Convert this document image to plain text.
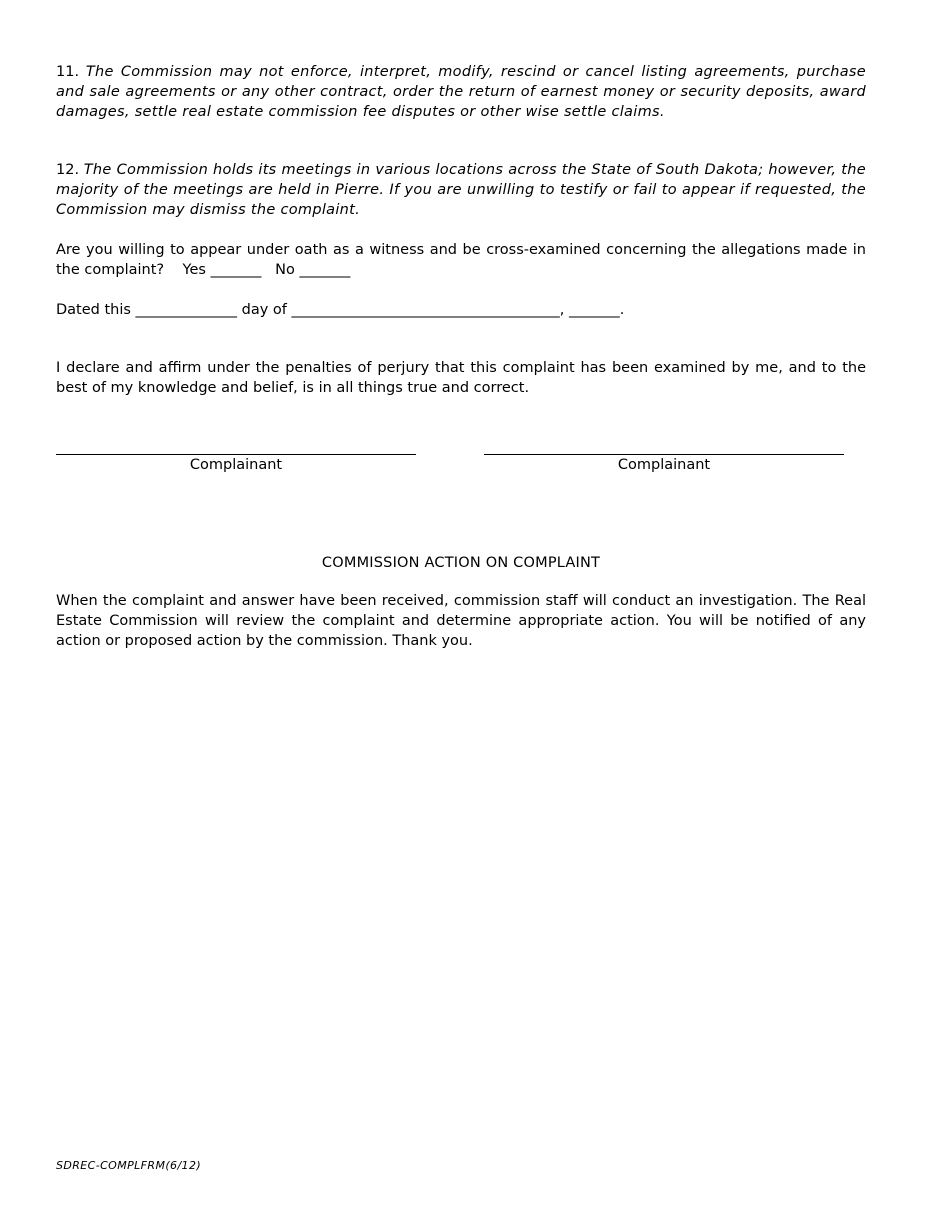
11. The Commission may not enforce, interpret, modify, rescind or cancel listing agreements, purchase and sale agreements or any other contract, order the return of earnest money or security deposits, award damages, settle real estate commission fee disputes or other wise settle claims.

12. The Commission holds its meetings in various locations across the State of South Dakota; however, the majority of the meetings are held in Pierre. If you are unwilling to testify or fail to appear if requested, the Commission may dismiss the complaint.

Are you willing to appear under oath as a witness and be cross-examined concerning the allegations made in the complaint? Yes _______ No _______

Dated this ______________ day of _____________________________________, _______.

I declare and affirm under the penalties of perjury that this complaint has been examined by me, and to the best of my knowledge and belief, is in all things true and correct.

Complainant	Complainant

COMMISSION ACTION ON COMPLAINT

When the complaint and answer have been received, commission staff will conduct an investigation. The Real Estate Commission will review the complaint and determine appropriate action. You will be notified of any action or proposed action by the commission. Thank you.

SDREC-COMPLFRM(6/12)
